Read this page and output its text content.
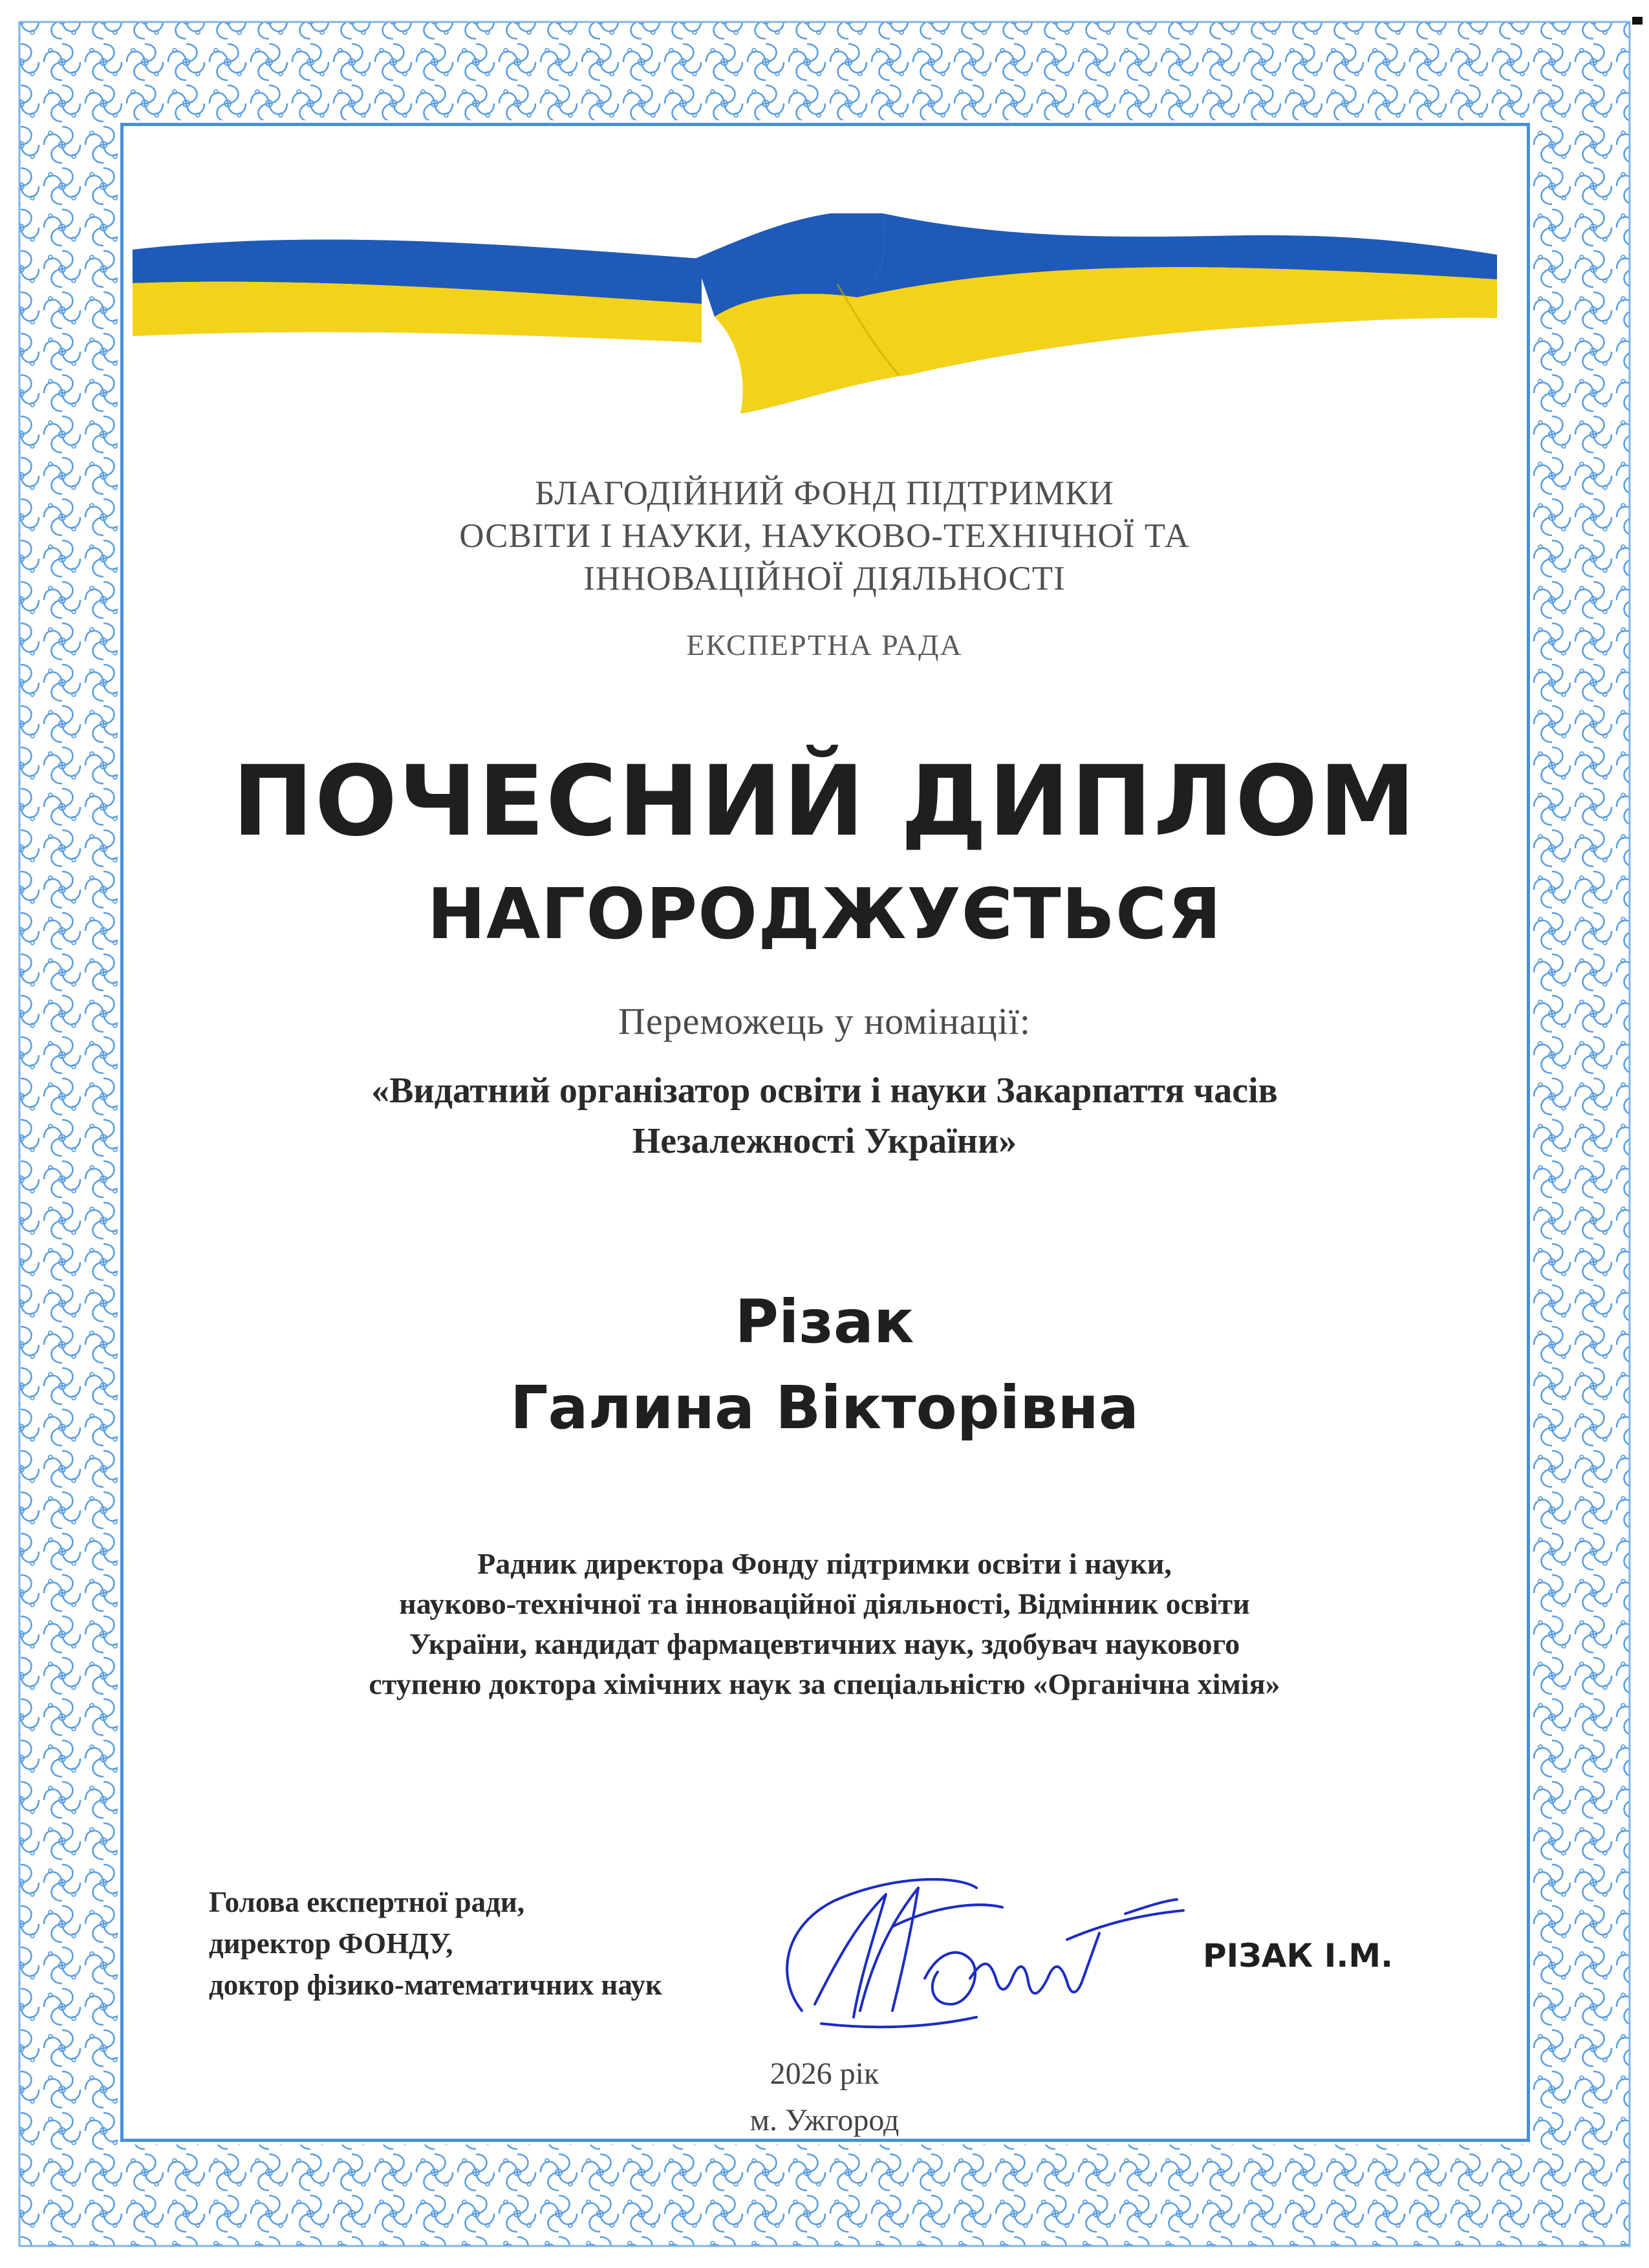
БЛАГОДІЙНИЙ ФОНД ПІДТРИМКИ
ОСВІТИ І НАУКИ, НАУКОВО-ТЕХНІЧНОЇ ТА
ІННОВАЦІЙНОЇ ДІЯЛЬНОСТІ
ЕКСПЕРТНА РАДА
ПОЧЕСНИЙ ДИПЛОМ
НАГОРОДЖУЄТЬСЯ
Переможець у номінації:
«Видатний організатор освіти і науки Закарпаття часів
Незалежності України»
Різак
Галина Вікторівна
Радник директора Фонду підтримки освіти і науки,
науково-технічної та інноваційної діяльності, Відмінник освіти
України, кандидат фармацевтичних наук, здобувач наукового
ступеню доктора хімічних наук за спеціальністю «Органічна хімія»
Голова експертної ради,
директор ФОНДУ,
доктор фізико-математичних наук
РІЗАК І.М.
2026 рік
м. Ужгород
